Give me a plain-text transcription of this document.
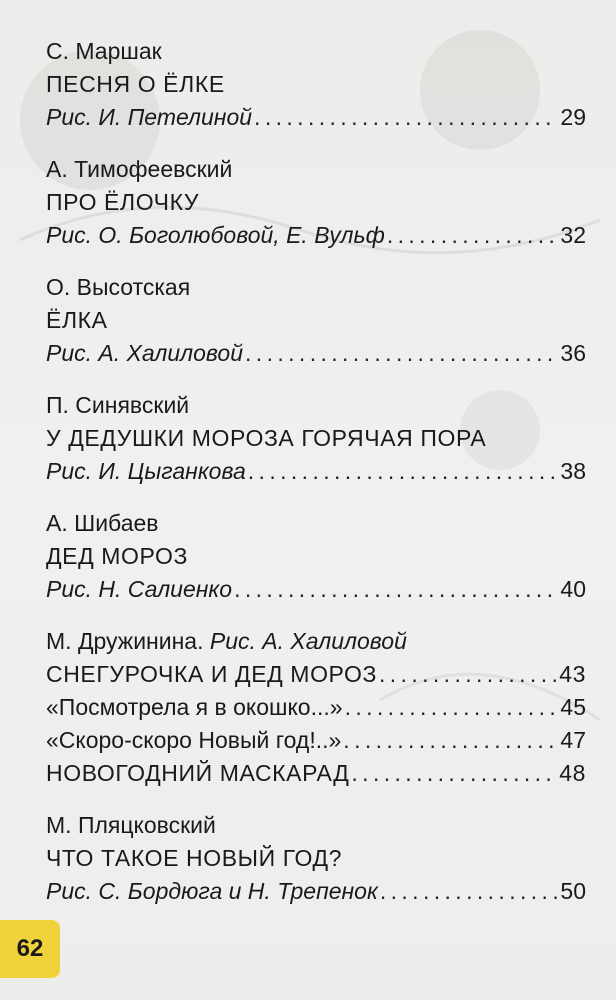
С. Маршак
ПЕСНЯ О ЁЛКЕ
Рис. И. Петелиной . . .	29
А. Тимофеевский
ПРО ЁЛОЧКУ
Рис. О. Боголюбовой, Е. Вульф . . .	32
О. Высотская
ЁЛКА
Рис. А. Халиловой . . .	36
П. Синявский
У ДЕДУШКИ МОРОЗА ГОРЯЧАЯ ПОРА
Рис. И. Цыганкова . . .	38
А. Шибаев
ДЕД МОРОЗ
Рис. Н. Салиенко . . .	40
М. Дружинина. Рис. А. Халиловой
СНЕГУРОЧКА И ДЕД МОРОЗ . . .	43
«Посмотрела я в окошко...» . . .	45
«Скоро-скоро Новый год!..» . . .	47
НОВОГОДНИЙ МАСКАРАД . . .	48
М. Пляцковский
ЧТО ТАКОЕ НОВЫЙ ГОД?
Рис. С. Бордюга и Н. Трепенок . . .	50
62
